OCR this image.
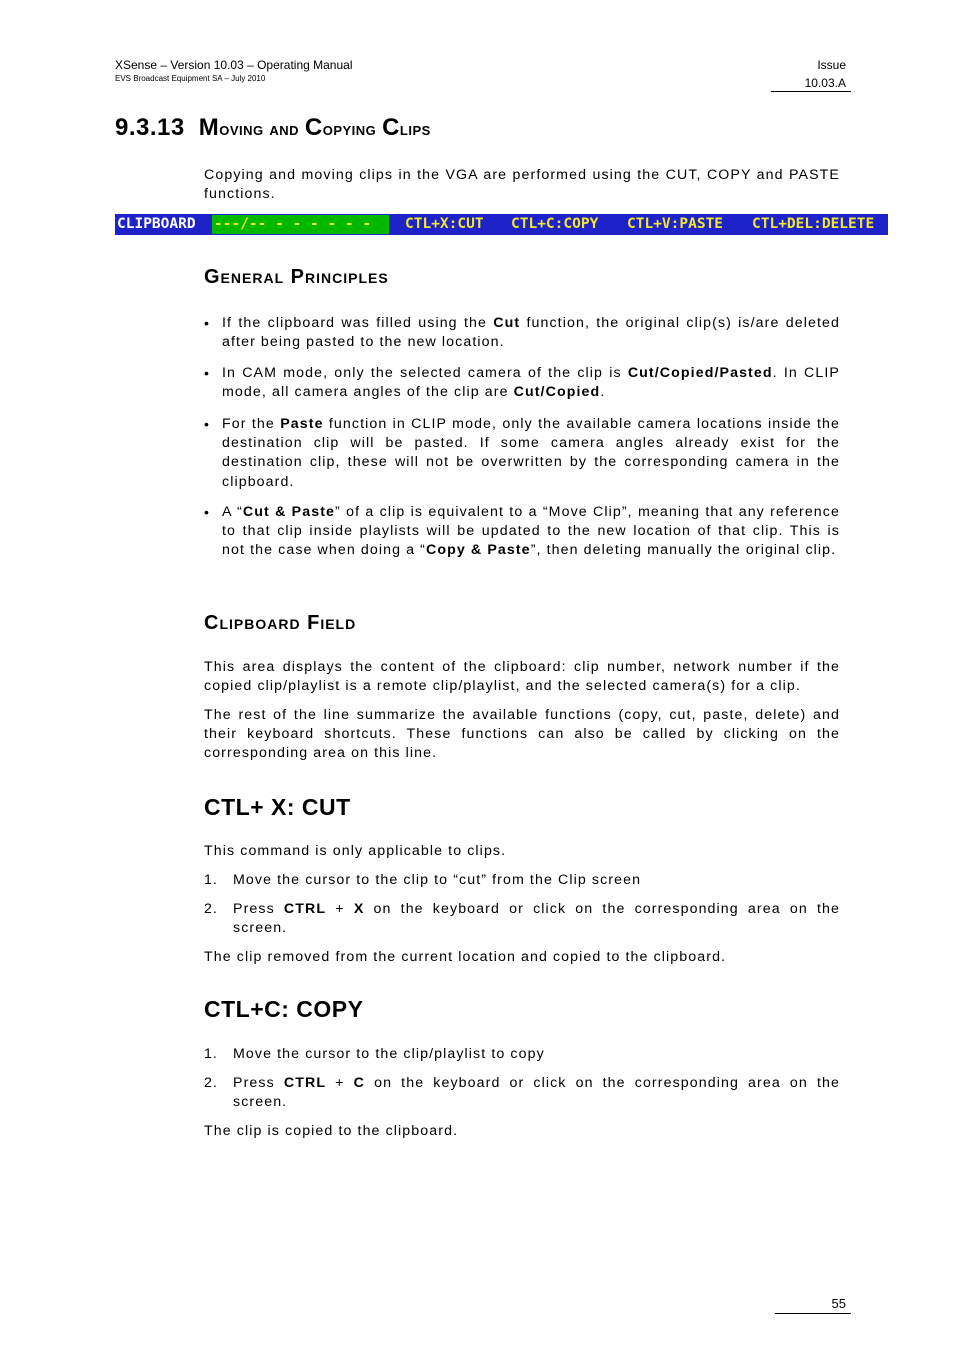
XSense – Version 10.03 – Operating Manual
EVS Broadcast Equipment SA – July 2010
Issue
10.03.A
9.3.13 Moving and Copying Clips
Copying and moving clips in the VGA are performed using the CUT, COPY and PASTE functions.
CLIPBOARD ---/-- - - - - - -	CTL+X:CUT CTL+C:COPY CTL+V:PASTE CTL+DEL:DELETE
General Principles
• If the clipboard was filled using the Cut function, the original clip(s) is/are deleted after being pasted to the new location.
• In CAM mode, only the selected camera of the clip is Cut/Copied/Pasted. In CLIP mode, all camera angles of the clip are Cut/Copied.
• For the Paste function in CLIP mode, only the available camera locations inside the destination clip will be pasted. If some camera angles already exist for the destination clip, these will not be overwritten by the corresponding camera in the clipboard.
• A “Cut & Paste” of a clip is equivalent to a “Move Clip”, meaning that any reference to that clip inside playlists will be updated to the new location of that clip. This is not the case when doing a “Copy & Paste”, then deleting manually the original clip.
Clipboard Field
This area displays the content of the clipboard: clip number, network number if the copied clip/playlist is a remote clip/playlist, and the selected camera(s) for a clip.
The rest of the line summarize the available functions (copy, cut, paste, delete) and their keyboard shortcuts. These functions can also be called by clicking on the corresponding area on this line.
CTL+ X: CUT
This command is only applicable to clips.
1. Move the cursor to the clip to “cut” from the Clip screen
2. Press CTRL + X on the keyboard or click on the corresponding area on the screen.
The clip removed from the current location and copied to the clipboard.
CTL+C: COPY
1. Move the cursor to the clip/playlist to copy
2. Press CTRL + C on the keyboard or click on the corresponding area on the screen.
The clip is copied to the clipboard.
55
